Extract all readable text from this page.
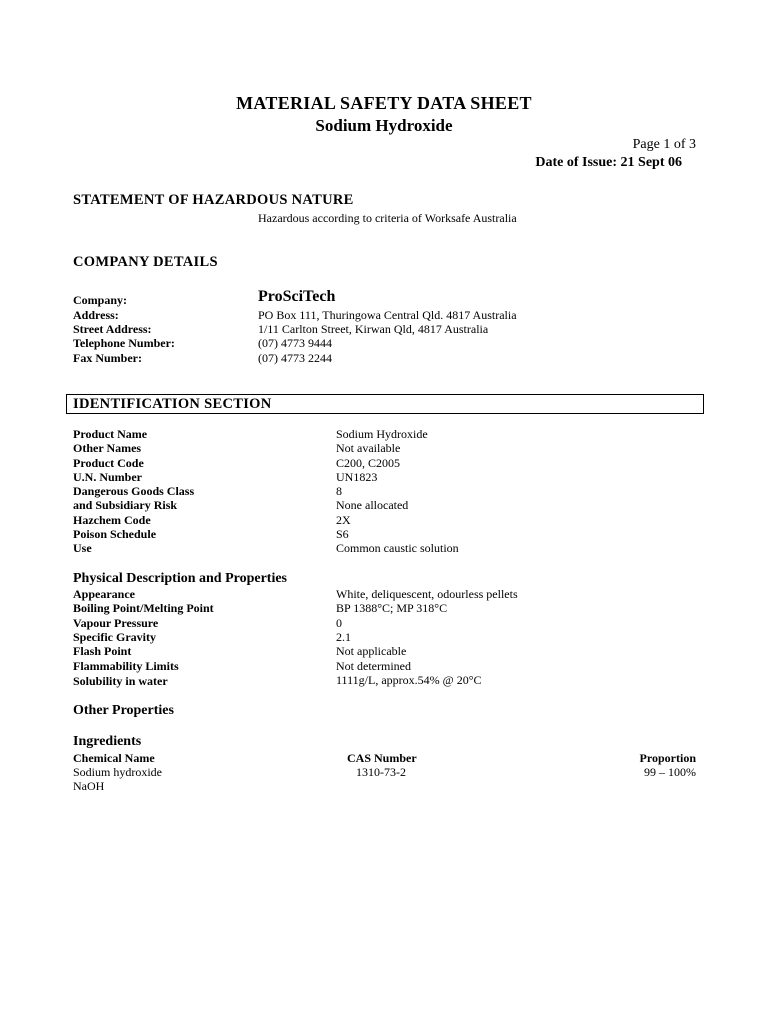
MATERIAL SAFETY DATA SHEET
Sodium Hydroxide
Page 1 of 3
Date of Issue: 21 Sept 06
STATEMENT OF HAZARDOUS NATURE
Hazardous according to criteria of Worksafe Australia
COMPANY DETAILS
Company:	ProSciTech
Address:	PO Box 111, Thuringowa Central Qld. 4817 Australia
Street Address:	1/11 Carlton Street, Kirwan Qld, 4817 Australia
Telephone Number:	(07) 4773 9444
Fax Number:	(07) 4773 2244
IDENTIFICATION SECTION
Product Name	Sodium Hydroxide
Other Names	Not available
Product Code	C200, C2005
U.N. Number	UN1823
Dangerous Goods Class	8
and Subsidiary Risk	None allocated
Hazchem Code	2X
Poison Schedule	S6
Use	Common caustic solution
Physical Description and Properties
Appearance	White, deliquescent, odourless pellets
Boiling Point/Melting Point	BP 1388°C; MP 318°C
Vapour Pressure	0
Specific Gravity	2.1
Flash Point	Not applicable
Flammability Limits	Not determined
Solubility in water	1111g/L, approx.54% @ 20°C
Other Properties
Ingredients
Chemical Name	CAS Number	Proportion
Sodium hydroxide	1310-73-2	99 – 100%
NaOH
